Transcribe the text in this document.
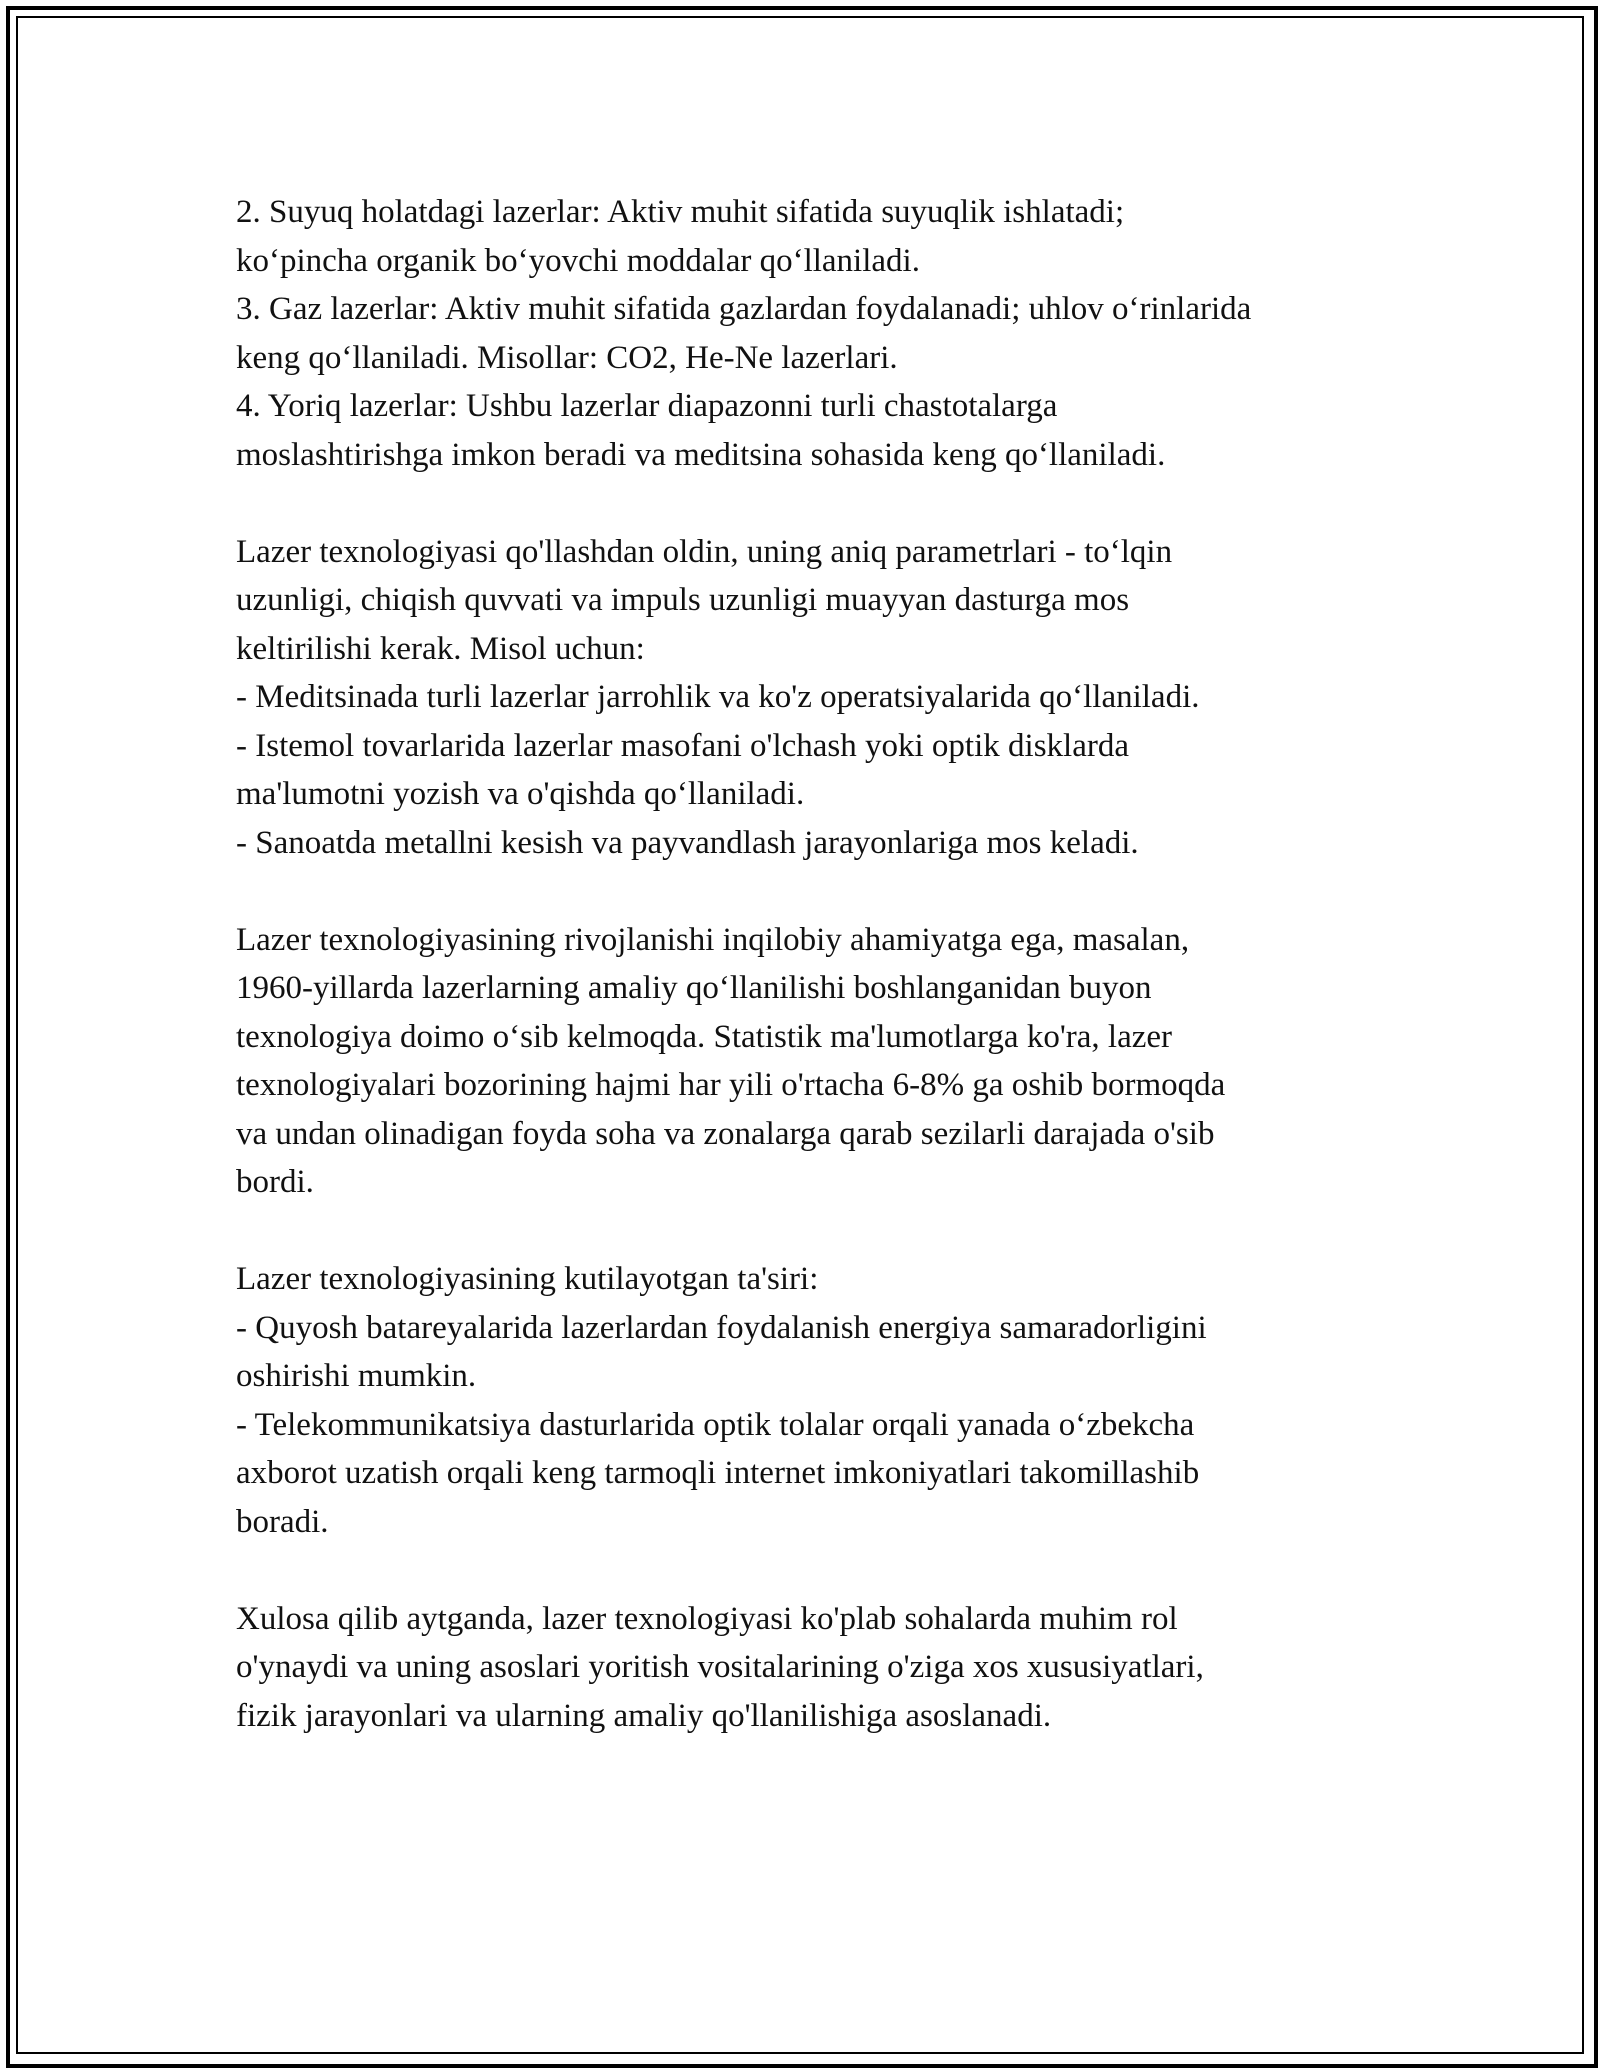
2. Suyuq holatdagi lazerlar: Aktiv muhit sifatida suyuqlik ishlatadi;
ko‘pincha organik bo‘yovchi moddalar qo‘llaniladi.
3. Gaz lazerlar: Aktiv muhit sifatida gazlardan foydalanadi; uhlov o‘rinlarida
keng qo‘llaniladi. Misollar: CO2, He-Ne lazerlari.
4. Yoriq lazerlar: Ushbu lazerlar diapazonni turli chastotalarga
moslashtirishga imkon beradi va meditsina sohasida keng qo‘llaniladi.
Lazer texnologiyasi qo'llashdan oldin, uning aniq parametrlari - to‘lqin
uzunligi, chiqish quvvati va impuls uzunligi muayyan dasturga mos
keltirilishi kerak. Misol uchun:
- Meditsinada turli lazerlar jarrohlik va ko'z operatsiyalarida qo‘llaniladi.
- Istemol tovarlarida lazerlar masofani o'lchash yoki optik disklarda
ma'lumotni yozish va o'qishda qo‘llaniladi.
- Sanoatda metallni kesish va payvandlash jarayonlariga mos keladi.
Lazer texnologiyasining rivojlanishi inqilobiy ahamiyatga ega, masalan,
1960-yillarda lazerlarning amaliy qo‘llanilishi boshlanganidan buyon
texnologiya doimo o‘sib kelmoqda. Statistik ma'lumotlarga ko'ra, lazer
texnologiyalari bozorining hajmi har yili o'rtacha 6-8% ga oshib bormoqda
va undan olinadigan foyda soha va zonalarga qarab sezilarli darajada o'sib
bordi.
Lazer texnologiyasining kutilayotgan ta'siri:
- Quyosh batareyalarida lazerlardan foydalanish energiya samaradorligini
oshirishi mumkin.
- Telekommunikatsiya dasturlarida optik tolalar orqali yanada o‘zbekcha
axborot uzatish orqali keng tarmoqli internet imkoniyatlari takomillashib
boradi.
Xulosa qilib aytganda, lazer texnologiyasi ko'plab sohalarda muhim rol
o'ynaydi va uning asoslari yoritish vositalarining o'ziga xos xususiyatlari,
fizik jarayonlari va ularning amaliy qo'llanilishiga asoslanadi.
